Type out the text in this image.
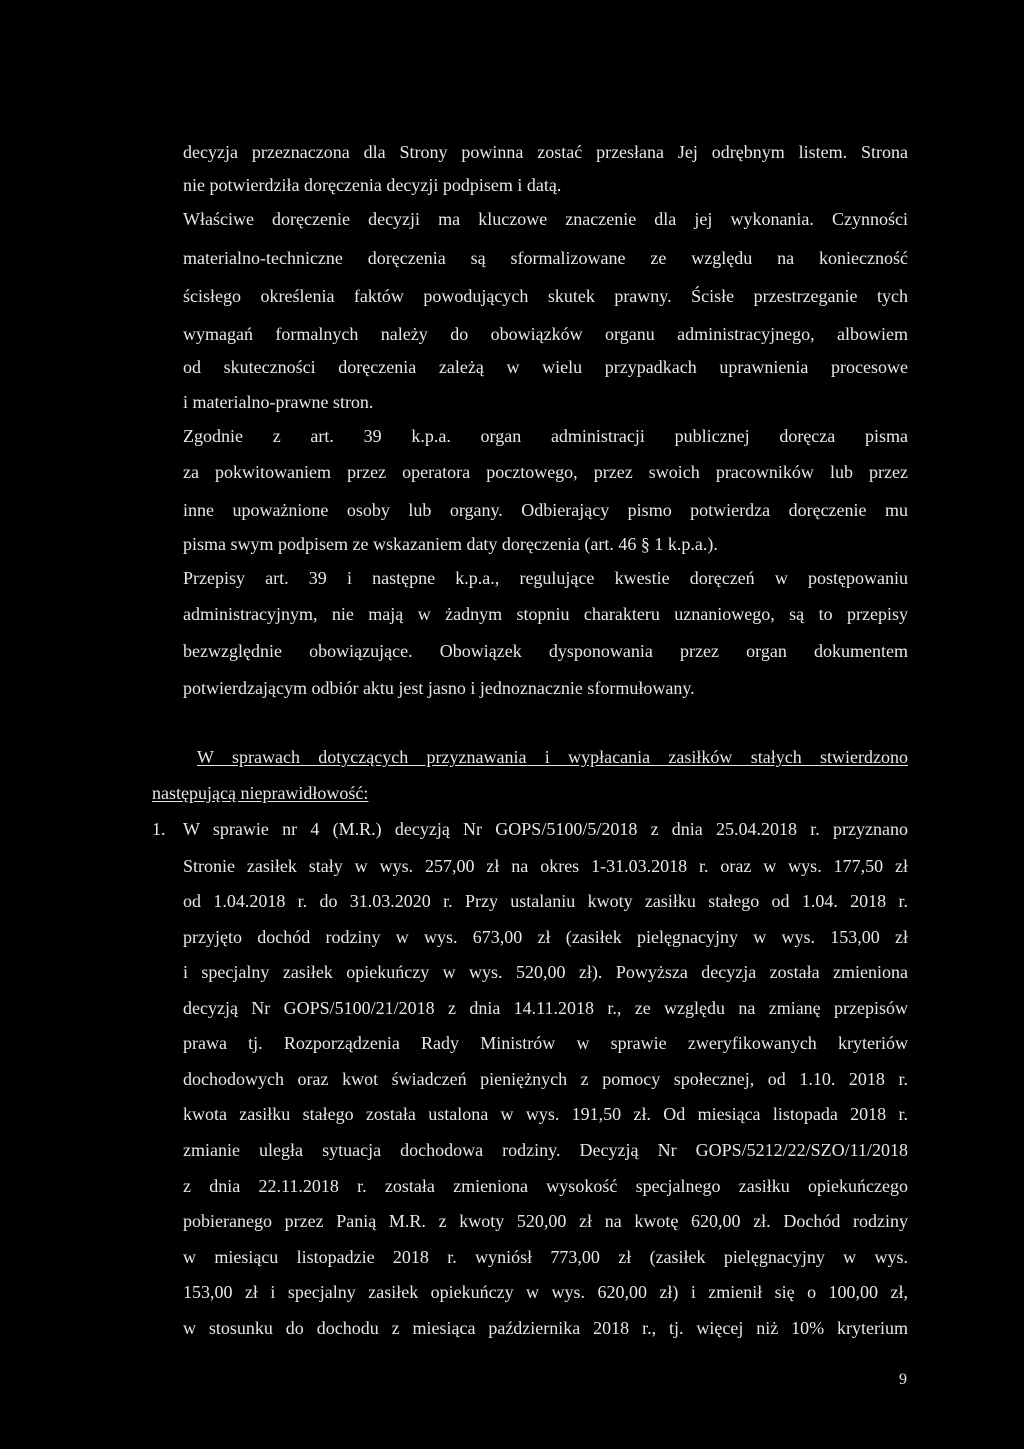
decyzja przeznaczona dla Strony powinna zostać przesłana Jej odrębnym listem. Strona
nie potwierdziła doręczenia decyzji podpisem i datą.
Właściwe doręczenie decyzji ma kluczowe znaczenie dla jej wykonania. Czynności
materialno-techniczne doręczenia są sformalizowane ze względu na konieczność
ścisłego określenia faktów powodujących skutek prawny. Ścisłe przestrzeganie tych
wymagań formalnych należy do obowiązków organu administracyjnego, albowiem
od skuteczności doręczenia zależą w wielu przypadkach uprawnienia procesowe
i materialno-prawne stron.
Zgodnie z art. 39 k.p.a. organ administracji publicznej doręcza pisma
za pokwitowaniem przez operatora pocztowego, przez swoich pracowników lub przez
inne upoważnione osoby lub organy. Odbierający pismo potwierdza doręczenie mu
pisma swym podpisem ze wskazaniem daty doręczenia (art. 46 § 1 k.p.a.).
Przepisy art. 39 i następne k.p.a., regulujące kwestie doręczeń w postępowaniu
administracyjnym, nie mają w żadnym stopniu charakteru uznaniowego, są to przepisy
bezwzględnie obowiązujące. Obowiązek dysponowania przez organ dokumentem
potwierdzającym odbiór aktu jest jasno i jednoznacznie sformułowany.
W sprawach dotyczących przyznawania i wypłacania zasiłków stałych stwierdzono
następującą nieprawidłowość:
1. W sprawie nr 4 (M.R.) decyzją Nr GOPS/5100/5/2018 z dnia 25.04.2018 r. przyznano
Stronie zasiłek stały w wys. 257,00 zł na okres 1-31.03.2018 r. oraz w wys. 177,50 zł
od 1.04.2018 r. do 31.03.2020 r. Przy ustalaniu kwoty zasiłku stałego od 1.04. 2018 r.
przyjęto dochód rodziny w wys. 673,00 zł (zasiłek pielęgnacyjny w wys. 153,00 zł
i specjalny zasiłek opiekuńczy w wys. 520,00 zł). Powyższa decyzja została zmieniona
decyzją Nr GOPS/5100/21/2018 z dnia 14.11.2018 r., ze względu na zmianę przepisów
prawa tj. Rozporządzenia Rady Ministrów w sprawie zweryfikowanych kryteriów
dochodowych oraz kwot świadczeń pieniężnych z pomocy społecznej, od 1.10. 2018 r.
kwota zasiłku stałego została ustalona w wys. 191,50 zł. Od miesiąca listopada 2018 r.
zmianie uległa sytuacja dochodowa rodziny. Decyzją Nr GOPS/5212/22/SZO/11/2018
z dnia 22.11.2018 r. została zmieniona wysokość specjalnego zasiłku opiekuńczego
pobieranego przez Panią M.R. z kwoty 520,00 zł na kwotę 620,00 zł. Dochód rodziny
w miesiącu listopadzie 2018 r. wyniósł 773,00 zł (zasiłek pielęgnacyjny w wys.
153,00 zł i specjalny zasiłek opiekuńczy w wys. 620,00 zł) i zmienił się o 100,00 zł,
w stosunku do dochodu z miesiąca października 2018 r., tj. więcej niż 10% kryterium
9
